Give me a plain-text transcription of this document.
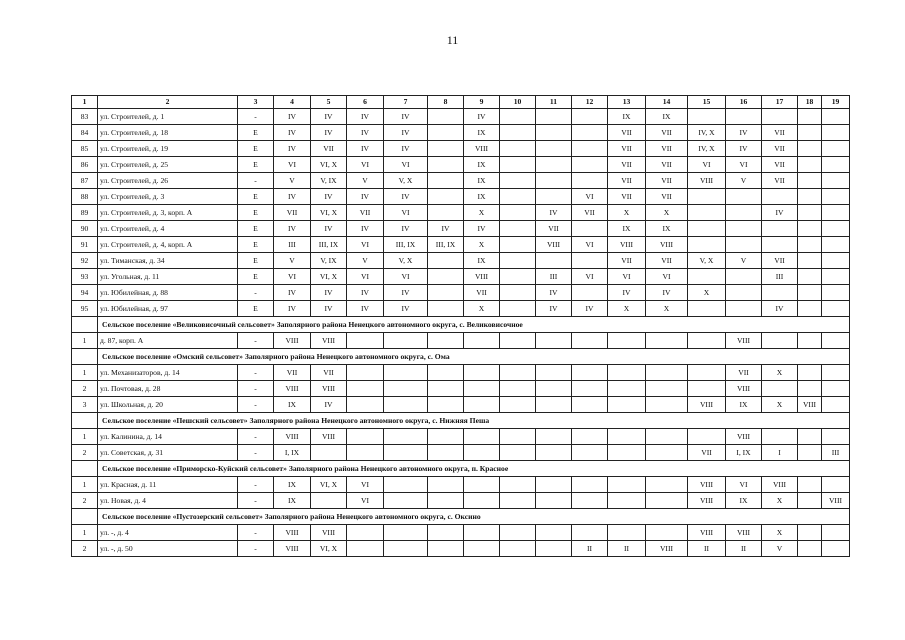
11
1	2	3	4	5	6	7	8	9	10	11	12	13	14	15	16	17	18	19
83	ул. Строителей, д. 1	-	IV	IV	IV	IV		IV				IX	IX					
84	ул. Строителей, д. 18	Е	IV	IV	IV	IV		IX				VII	VII	IV, X	IV	VII		
85	ул. Строителей, д. 19	Е	IV	VII	IV	IV		VIII				VII	VII	IV, X	IV	VII		
86	ул. Строителей, д. 25	Е	VI	VI, X	VI	VI		IX				VII	VII	VI	VI	VII		
87	ул. Строителей, д. 26	-	V	V, IX	V	V, X		IX				VII	VII	VIII	V	VII		
88	ул. Строителей, д. 3	Е	IV	IV	IV	IV		IX			VI	VII	VII					
89	ул. Строителей, д. 3, корп. А	Е	VII	VI, X	VII	VI		X		IV	VII	X	X			IV		
90	ул. Строителей, д. 4	Е	IV	IV	IV	IV	IV	IV		VII		IX	IX					
91	ул. Строителей, д. 4, корп. А	Е	III	III, IX	VI	III, IX	III, IX	X		VIII	VI	VIII	VIII					
92	ул. Тиманская, д. 34	Е	V	V, IX	V	V, X		IX				VII	VII	V, X	V	VII		
93	ул. Угольная, д. 11	Е	VI	VI, X	VI	VI		VIII		III	VI	VI	VI			III		
94	ул. Юбилейная, д. 88	-	IV	IV	IV	IV		VII		IV		IV	IV	X				
95	ул. Юбилейная, д. 97	Е	IV	IV	IV	IV		X		IV	IV	X	X			IV		
	Сельское поселение «Великовисочный сельсовет» Заполярного района Ненецкого автономного округа, с. Великовисочное																	
1	д. 87, корп. А	-	VIII	VIII											VIII			
	Сельское поселение «Омский сельсовет» Заполярного района Ненецкого автономного округа, с. Ома																	
1	ул. Механизаторов, д. 14	-	VII	VII											VII	X		
2	ул. Почтовая, д. 28	-	VIII	VIII											VIII			
3	ул. Школьная, д. 20	-	IX	IV										VIII	IX	X	VIII	
	Сельское поселение «Пешский сельсовет» Заполярного района Ненецкого автономного округа, с. Нижняя Пеша																	
1	ул. Калинина, д. 14	-	VIII	VIII											VIII			
2	ул. Советская, д. 31	-	I, IX											VII	I, IX	I		III
	Сельское поселение «Приморско-Куйский сельсовет» Заполярного района Ненецкого автономного округа, п. Красное																	
1	ул. Красная, д. 11	-	IX	VI, X	VI									VIII	VI	VIII		
2	ул. Новая, д. 4	-	IX		VI									VIII	IX	X		VIII
	Сельское поселение «Пустозерский сельсовет» Заполярного района Ненецкого автономного округа, с. Оксино																	
1	ул. -, д. 4	-	VIII	VIII										VIII	VIII	X		
2	ул. -, д. 50	-	VIII	VI, X							II	II	VIII	II	II	V		
